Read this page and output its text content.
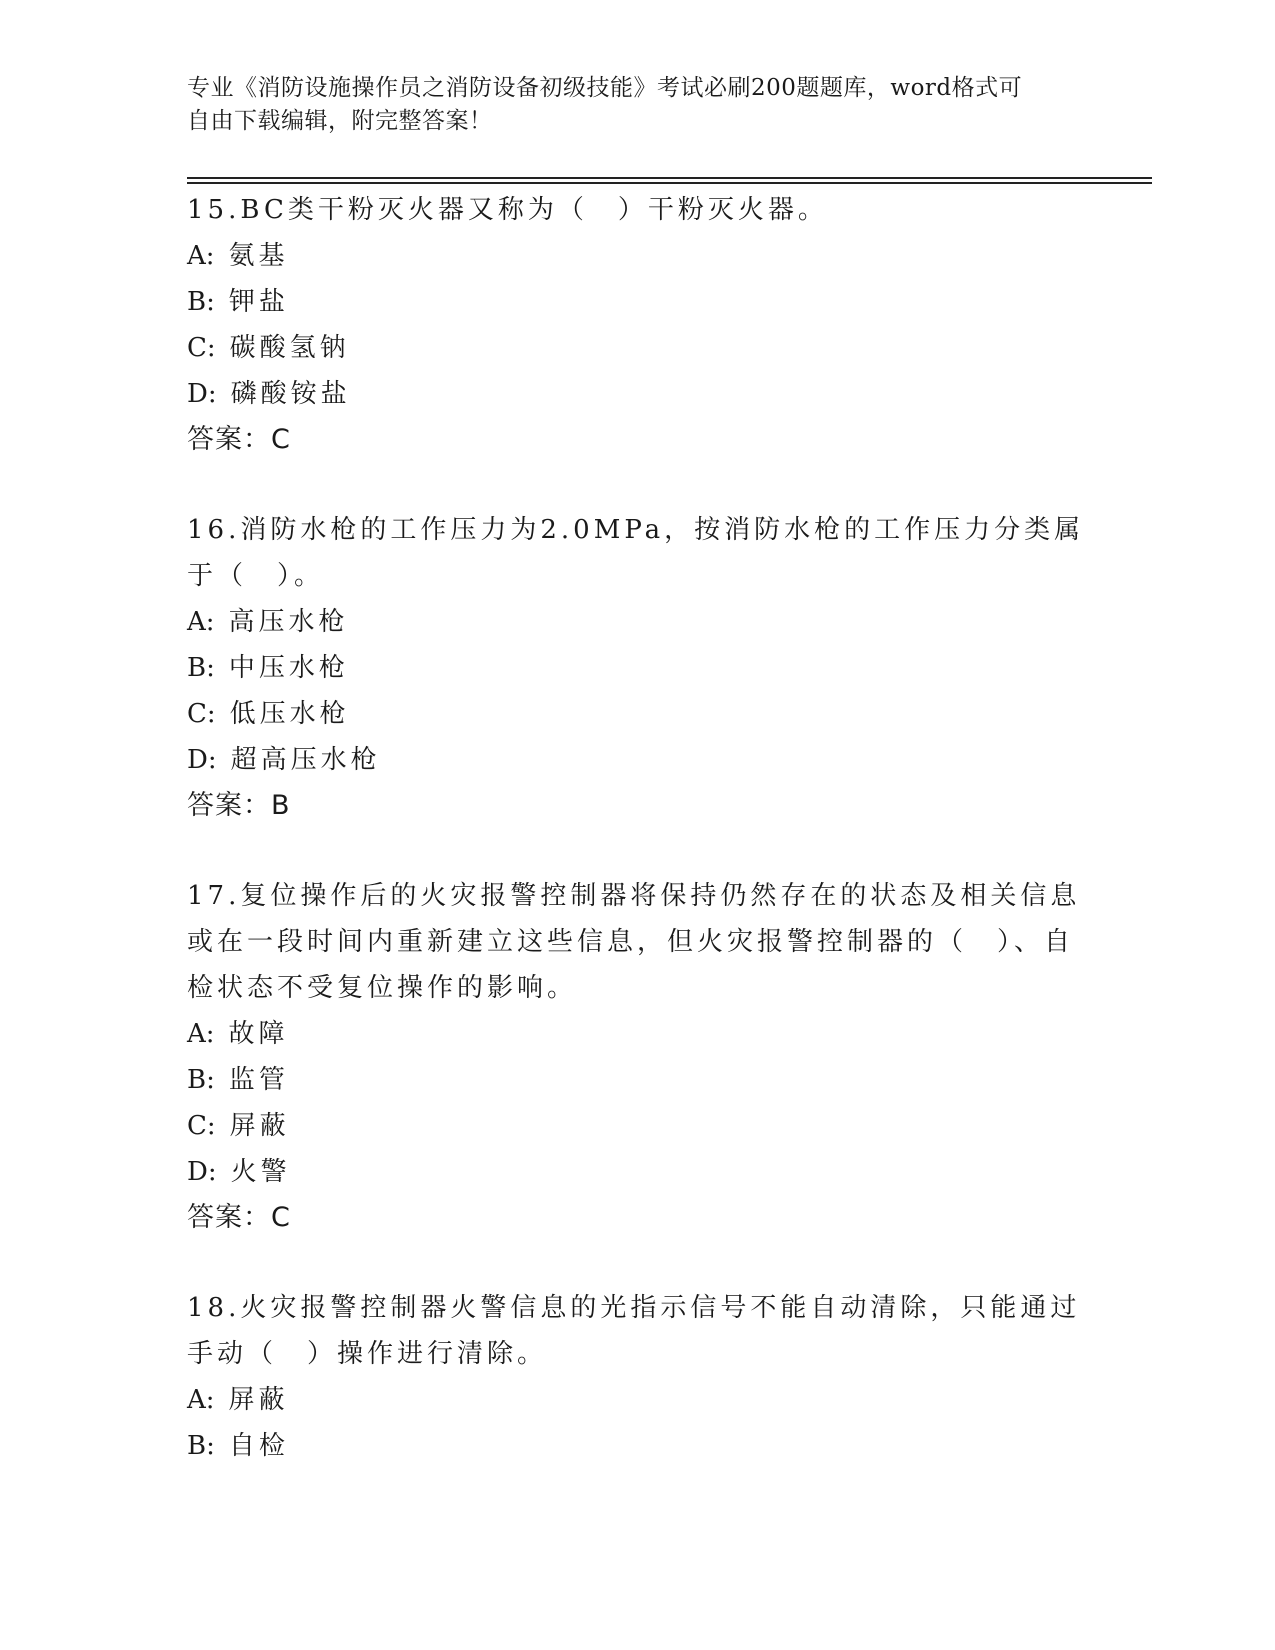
专业《消防设施操作员之消防设备初级技能》考试必刷200题题库，word格式可
自由下载编辑，附完整答案！

15.BC类干粉灭火器又称为（　）干粉灭火器。

A: 氨基

B: 钾盐

C: 碳酸氢钠

D: 磷酸铵盐

答案：C

16.消防水枪的工作压力为2.0MPa，按消防水枪的工作压力分类属于（　）。

A: 高压水枪

B: 中压水枪

C: 低压水枪

D: 超高压水枪

答案：B

17.复位操作后的火灾报警控制器将保持仍然存在的状态及相关信息或在一段时间内重新建立这些信息，但火灾报警控制器的（　）、自检状态不受复位操作的影响。

A: 故障

B: 监管

C: 屏蔽

D: 火警

答案：C

18.火灾报警控制器火警信息的光指示信号不能自动清除，只能通过手动（　）操作进行清除。

A: 屏蔽

B: 自检
